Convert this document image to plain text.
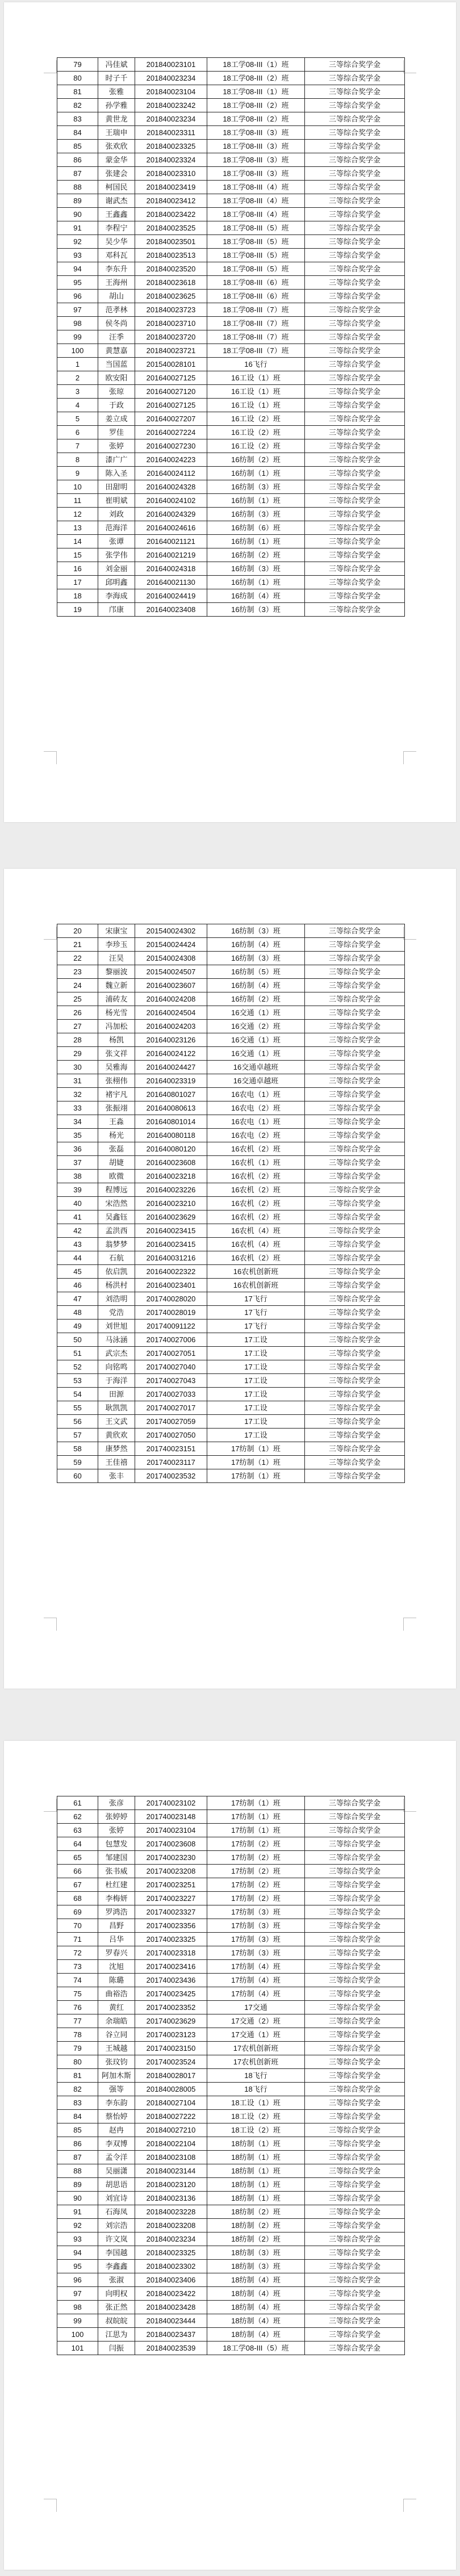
79	冯佳斌	201840023101	18工学08-III（1）班	三等综合奖学金
80	时子千	201840023234	18工学08-III（2）班	三等综合奖学金
81	张雅	201840023104	18工学08-III（1）班	三等综合奖学金
82	孙学雅	201840023242	18工学08-III（2）班	三等综合奖学金
83	黄世龙	201840023234	18工学08-III（2）班	三等综合奖学金
84	王瑞申	201840023311	18工学08-III（3）班	三等综合奖学金
85	张欢欣	201840023325	18工学08-III（3）班	三等综合奖学金
86	蒙金华	201840023324	18工学08-III（3）班	三等综合奖学金
87	张建会	201840023310	18工学08-III（3）班	三等综合奖学金
88	柯国民	201840023419	18工学08-III（4）班	三等综合奖学金
89	谢武杰	201840023412	18工学08-III（4）班	三等综合奖学金
90	王鑫鑫	201840023422	18工学08-III（4）班	三等综合奖学金
91	李程宁	201840023525	18工学08-III（5）班	三等综合奖学金
92	吴少华	201840023501	18工学08-III（5）班	三等综合奖学金
93	邓科瓦	201840023513	18工学08-III（5）班	三等综合奖学金
94	李东升	201840023520	18工学08-III（5）班	三等综合奖学金
95	王海州	201840023618	18工学08-III（6）班	三等综合奖学金
96	胡山	201840023625	18工学08-III（6）班	三等综合奖学金
97	范孝林	201840023723	18工学08-III（7）班	三等综合奖学金
98	侯冬尚	201840023710	18工学08-III（7）班	三等综合奖学金
99	汪季	201840023720	18工学08-III（7）班	三等综合奖学金
100	黄慧嘉	201840023721	18工学08-III（7）班	三等综合奖学金
1	当国蓝	201540028101	16飞行	三等综合奖学金
2	欧安阳	201640027125	16工设（1）班	三等综合奖学金
3	张琼	201640027120	16工设（1）班	三等综合奖学金
4	于政	201640027125	16工设（1）班	三等综合奖学金
5	姜立成	201640027207	16工设（2）班	三等综合奖学金
6	罗佳	201640027224	16工设（2）班	三等综合奖学金
7	张婷	201640027230	16工设（2）班	三等综合奖学金
8	漆广广	201640024223	16纺制（2）班	三等综合奖学金
9	陈入圣	201640024112	16纺制（1）班	三等综合奖学金
10	田甜明	201640024328	16纺制（3）班	三等综合奖学金
11	崔明斌	201640024102	16纺制（1）班	三等综合奖学金
12	刘政	201640024329	16纺制（3）班	三等综合奖学金
13	范海洋	201640024616	16纺制（6）班	三等综合奖学金
14	张谭	201640021121	16纺制（1）班	三等综合奖学金
15	张学伟	201640021219	16纺制（2）班	三等综合奖学金
16	刘金丽	201640024318	16纺制（3）班	三等综合奖学金
17	邱明鑫	201640021130	16纺制（1）班	三等综合奖学金
18	李海成	201640024419	16纺制（4）班	三等综合奖学金
19	邝康	201640023408	16纺制（3）班	三等综合奖学金
20	宋康宝	201540024302	16纺制（3）班	三等综合奖学金
21	李珍玉	201540024424	16纺制（4）班	三等综合奖学金
22	汪昊	201540024308	16纺制（3）班	三等综合奖学金
23	黎丽波	201540024507	16纺制（5）班	三等综合奖学金
24	魏立新	201640023607	16纺制（4）班	三等综合奖学金
25	浦砖友	201640024208	16纺制（2）班	三等综合奖学金
26	杨光雪	201640024504	16交通（1）班	三等综合奖学金
27	冯加松	201640024203	16交通（2）班	三等综合奖学金
28	杨凯	201640023126	16交通（1）班	三等综合奖学金
29	张文祥	201640024122	16交通（1）班	三等综合奖学金
30	吴雅海	201640024427	16交通卓越班	三等综合奖学金
31	张栩伟	201640023319	16交通卓越班	三等综合奖学金
32	褚宇凡	201640801027	16农电（1）班	三等综合奖学金
33	张振翊	201640080613	16农电（2）班	三等综合奖学金
34	王淼	201640801014	16农电（1）班	三等综合奖学金
35	杨光	201640080118	16农电（2）班	三等综合奖学金
36	张磊	201640080120	16农机（2）班	三等综合奖学金
37	胡婕	201640023608	16农机（1）班	三等综合奖学金
38	欧微	201640023218	16农机（2）班	三等综合奖学金
39	程博远	201640023226	16农机（2）班	三等综合奖学金
40	宋浩然	201640023210	16农机（2）班	三等综合奖学金
41	吴鑫钰	201640023629	16农机（2）班	三等综合奖学金
42	孟洪西	201640023415	16农机（4）班	三等综合奖学金
43	翁梦梦	201640023415	16农机（4）班	三等综合奖学金
44	石航	201640031216	16农机（2）班	三等综合奖学金
45	依启凯	201640022322	16农机创新班	三等综合奖学金
46	杨洪村	201640023401	16农机创新班	三等综合奖学金
47	刘浩明	201740028020	17飞行	三等综合奖学金
48	党浩	201740028019	17飞行	三等综合奖学金
49	刘世旭	201740091122	17飞行	三等综合奖学金
50	马泳涵	201740027006	17工设	三等综合奖学金
51	武宗杰	201740027051	17工设	三等综合奖学金
52	向铭鸣	201740027040	17工设	三等综合奖学金
53	于海洋	201740027043	17工设	三等综合奖学金
54	田源	201740027033	17工设	三等综合奖学金
55	耿凯凯	201740027017	17工设	三等综合奖学金
56	王文武	201740027059	17工设	三等综合奖学金
57	黄欣欢	201740027050	17工设	三等综合奖学金
58	康梦然	201740023151	17纺制（1）班	三等综合奖学金
59	王佳禧	201740023117	17纺制（1）班	三等综合奖学金
60	张丰	201740023532	17纺制（1）班	三等综合奖学金
61	张彦	201740023102	17纺制（1）班	三等综合奖学金
62	张婷婷	201740023148	17纺制（1）班	三等综合奖学金
63	张婷	201740023104	17纺制（1）班	三等综合奖学金
64	包慧发	201740023608	17纺制（2）班	三等综合奖学金
65	邹建国	201740023230	17纺制（2）班	三等综合奖学金
66	张书威	201740023208	17纺制（2）班	三等综合奖学金
67	杜红建	201740023251	17纺制（2）班	三等综合奖学金
68	李梅妍	201740023227	17纺制（2）班	三等综合奖学金
69	罗鸿浩	201740023327	17纺制（3）班	三等综合奖学金
70	昌野	201740023356	17纺制（3）班	三等综合奖学金
71	吕华	201740023325	17纺制（3）班	三等综合奖学金
72	罗春兴	201740023318	17纺制（3）班	三等综合奖学金
73	沈旭	201740023416	17纺制（4）班	三等综合奖学金
74	陈璐	201740023436	17纺制（4）班	三等综合奖学金
75	曲裕浩	201740023425	17纺制（4）班	三等综合奖学金
76	黄红	201740023352	17交通	三等综合奖学金
77	余瑞皓	201740023629	17交通（2）班	三等综合奖学金
78	谷立同	201740023123	17交通（1）班	三等综合奖学金
79	王城越	201740023150	17农机创新班	三等综合奖学金
80	张玟钧	201740023524	17农机创新班	三等综合奖学金
81	阿加木斯	201840028017	18飞行	三等综合奖学金
82	强等	201840028005	18飞行	三等综合奖学金
83	李东韵	201840027104	18工设（1）班	三等综合奖学金
84	蔡怡婷	201840027222	18工设（2）班	三等综合奖学金
85	赵冉	201840027210	18工设（2）班	三等综合奖学金
86	李双博	201840022104	18纺制（1）班	三等综合奖学金
87	孟令洋	201840023108	18纺制（1）班	三等综合奖学金
88	吴丽潇	201840023144	18纺制（1）班	三等综合奖学金
89	胡思语	201840023120	18纺制（1）班	三等综合奖学金
90	刘宜诗	201840023136	18纺制（1）班	三等综合奖学金
91	石海凤	201840023228	18纺制（2）班	三等综合奖学金
92	刘宗浩	201840023208	18纺制（2）班	三等综合奖学金
93	许文岚	201840023234	18纺制（2）班	三等综合奖学金
94	李国越	201840023325	18纺制（3）班	三等综合奖学金
95	李鑫鑫	201840023302	18纺制（3）班	三等综合奖学金
96	张淑	201840023406	18纺制（4）班	三等综合奖学金
97	向明权	201840023422	18纺制（4）班	三等综合奖学金
98	张正然	201840023428	18纺制（4）班	三等综合奖学金
99	叔皖皖	201840023444	18纺制（4）班	三等综合奖学金
100	江思为	201840023437	18纺制（4）班	三等综合奖学金
101	闫振	201840023539	18工学08-III（5）班	三等综合奖学金
